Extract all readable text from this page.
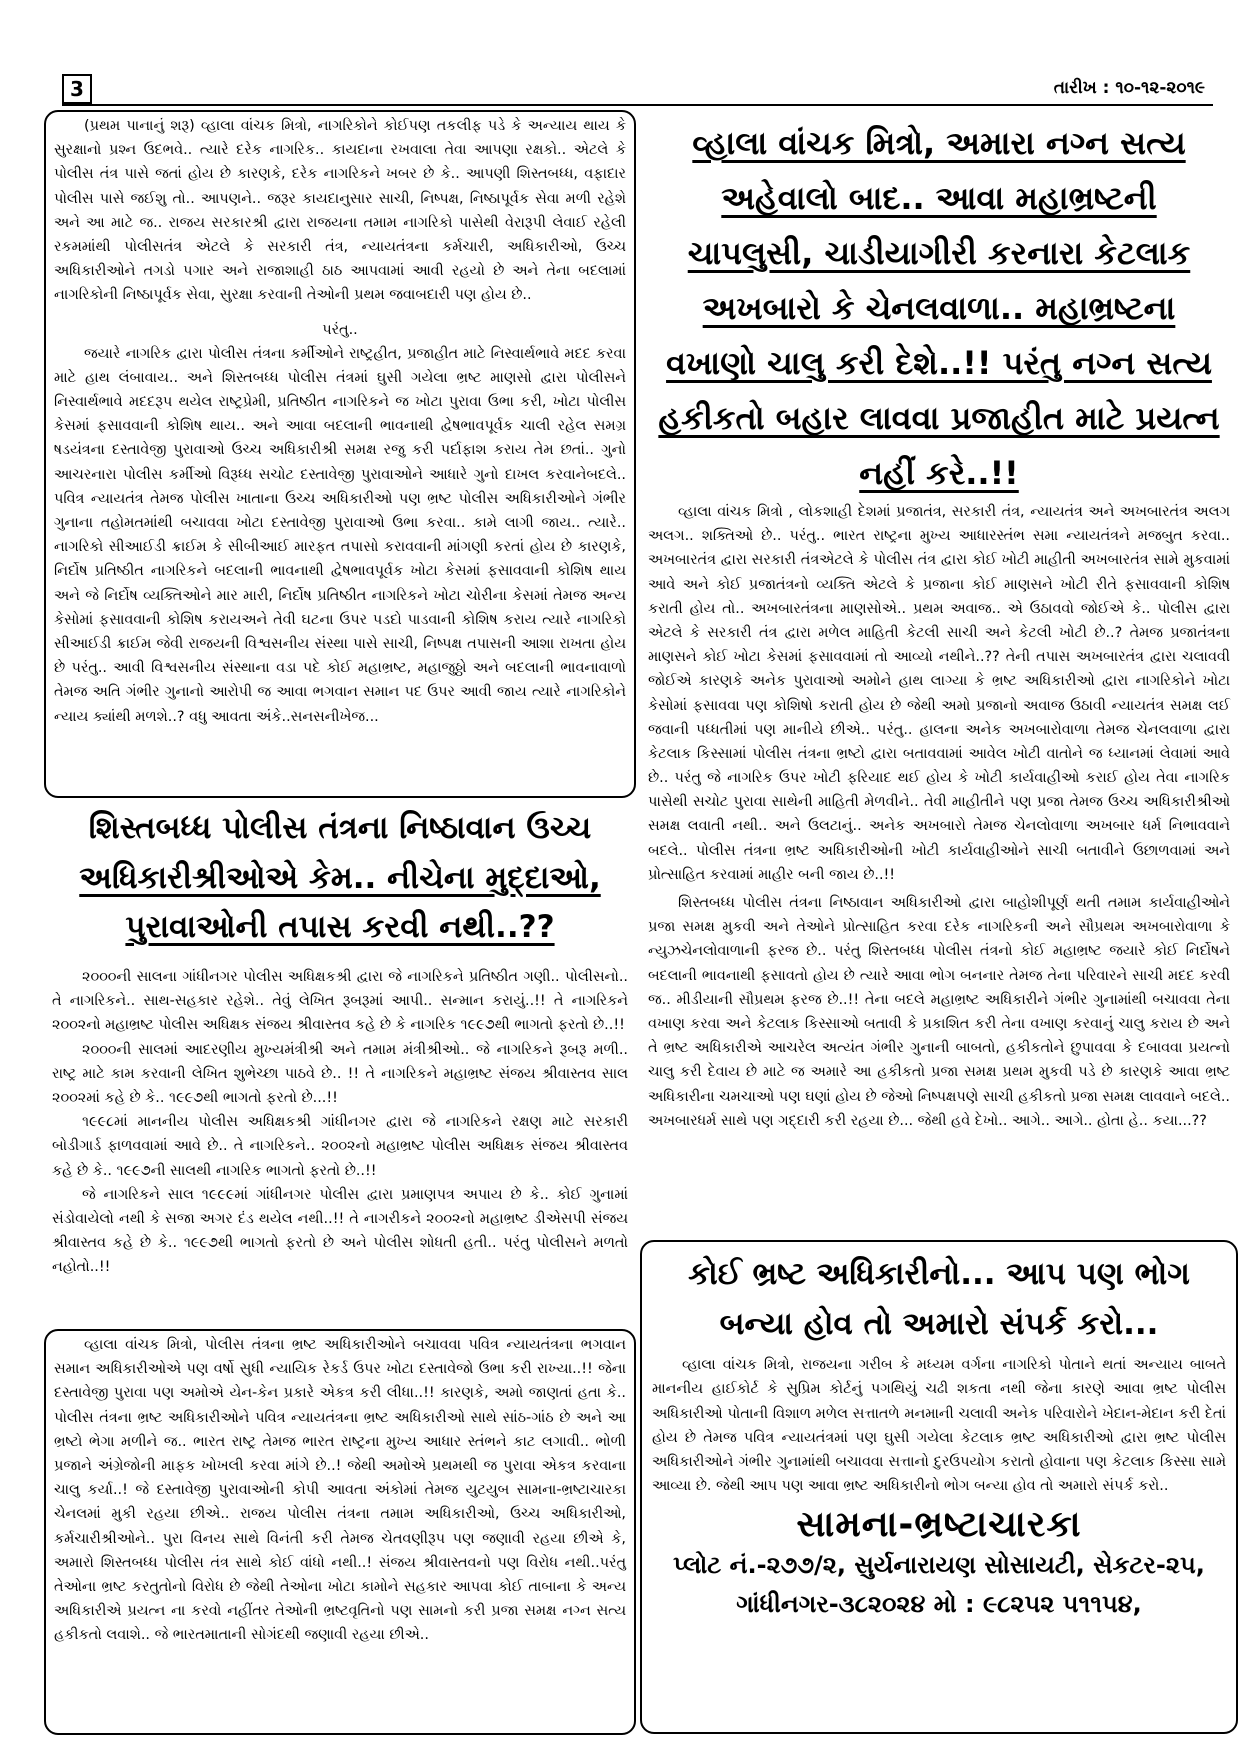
3	તારીખ : ૧૦-૧૨-૨૦૧૯

(પ્રથમ પાનાનું શરૂ) વ્હાલા વાંચક મિત્રો, નાગરિકોને કોઈપણ તકલીફ પડે કે અન્યાય થાય કે સુરક્ષાનો પ્રશ્ન ઉદભવે.. ત્યારે દરેક નાગરિક.. કાયદાના રખવાલા તેવા આપણા રક્ષકો.. એટલે કે પોલીસ તંત્ર પાસે જતાં હોય છે કારણકે, દરેક નાગરિકને ખબર છે કે.. આપણી શિસ્તબધ્ધ, વફાદાર પોલીસ પાસે જઈશુ તો.. આપણને.. જરૂર કાયદાનુસાર સાચી, નિષ્પક્ષ, નિષ્ઠાપૂર્વક સેવા મળી રહેશે અને આ માટે જ.. રાજય સરકારશ્રી દ્વારા રાજયના તમામ નાગરિકો પાસેથી વેરારૂપી લેવાઈ રહેલી રકમમાંથી પોલીસતંત્ર એટલે કે સરકારી તંત્ર, ન્યાયતંત્રના કર્મચારી, અધિકારીઓ, ઉચ્ચ અધિકારીઓને તગડો પગાર અને રાજાશાહી ઠાઠ આપવામાં આવી રહયો છે અને તેના બદલામાં નાગરિકોની નિષ્ઠાપૂર્વક સેવા, સુરક્ષા કરવાની તેઓની પ્રથમ જવાબદારી પણ હોય છે..

પરંતુ..

જયારે નાગરિક દ્વારા પોલીસ તંત્રના કર્મીઓને રાષ્ટ્રહીત, પ્રજાહીત માટે નિસ્વાર્થભાવે મદદ કરવા માટે હાથ લંબાવાય.. અને શિસ્તબધ્ધ પોલીસ તંત્રમાં ઘુસી ગયેલા ભ્રષ્ટ માણસો દ્વારા પોલીસને નિસ્વાર્થભાવે મદદરૂપ થયેલ રાષ્ટ્રપ્રેમી, પ્રતિષ્ઠીત નાગરિકને જ ખોટા પુરાવા ઉભા કરી, ખોટા પોલીસ કેસમાં ફસાવવાની કોશિષ થાય.. અને આવા બદલાની ભાવનાથી દ્વેષભાવપૂર્વક ચાલી રહેલ સમગ્ર ષડયંત્રના દસ્તાવેજી પુરાવાઓ ઉચ્ચ અધિકારીશ્રી સમક્ષ રજુ કરી પર્દાફાશ કરાય તેમ છતાં.. ગુનો આચરનારા પોલીસ કર્મીઓ વિરૂધ્ધ સચોટ દસ્તાવેજી પુરાવાઓને આધારે ગુનો દાખલ કરવાનેબદલે.. પવિત્ર ન્યાયતંત્ર તેમજ પોલીસ ખાતાના ઉચ્ચ અધિકારીઓ પણ ભ્રષ્ટ પોલીસ અધિકારીઓને ગંભીર ગુનાના તહોમતમાંથી બચાવવા ખોટા દસ્તાવેજી પુરાવાઓ ઉભા કરવા.. કામે લાગી જાય.. ત્યારે.. નાગરિકો સીઆઈડી ક્રાઈમ કે સીબીઆઈ મારફત તપાસો કરાવવાની માંગણી કરતાં હોય છે કારણકે, નિર્દોષ પ્રતિષ્ઠીત નાગરિકને બદલાની ભાવનાથી દ્વેષભાવપૂર્વક ખોટા કેસમાં ફસાવવાની કોશિષ થાય અને જે નિર્દોષ વ્યક્તિઓને માર મારી, નિર્દોષ પ્રતિષ્ઠીત નાગરિકને ખોટા ચોરીના કેસમાં તેમજ અન્ય કેસોમાં ફસાવવાની કોશિષ કરાયઅને તેવી ઘટના ઉપર પડદો પાડવાની કોશિષ કરાય ત્યારે નાગરિકો સીઆઈડી ક્રાઈમ જેવી રાજયની વિશ્વસનીય સંસ્થા પાસે સાચી, નિષ્પક્ષ તપાસની આશા રાખતા હોય છે પરંતુ.. આવી વિશ્વસનીય સંસ્થાના વડા પદે કોઈ મહાભ્રષ્ટ, મહાજુઠ્ઠો અને બદલાની ભાવનાવાળો તેમજ અતિ ગંભીર ગુનાનો આરોપી જ આવા ભગવાન સમાન પદ ઉપર આવી જાય ત્યારે નાગરિકોને ન્યાય ક્યાંથી મળશે..? વધુ આવતા અંકે..સનસનીખેજ...

શિસ્તબધ્ધ પોલીસ તંત્રના નિષ્ઠાવાન ઉચ્ચ
અધિકારીશ્રીઓએ કેમ.. નીચેના મુદ્દાઓ,
પુરાવાઓની તપાસ કરવી નથી..??

૨૦૦૦ની સાલના ગાંધીનગર પોલીસ અધિક્ષકશ્રી દ્વારા જે નાગરિકને પ્રતિષ્ઠીત ગણી.. પોલીસનો.. તે નાગરિકને.. સાથ-સહકાર રહેશે.. તેવું લેખિત રૂબરૂમાં આપી.. સન્માન કરાયું..!! તે નાગરિકને ૨૦૦૨નો મહાભ્રષ્ટ પોલીસ અધિક્ષક સંજય શ્રીવાસ્તવ કહે છે કે નાગરિક ૧૯૯૭થી ભાગતો ફરતો છે..!!

૨૦૦૦ની સાલમાં આદરણીય મુખ્યમંત્રીશ્રી અને તમામ મંત્રીશ્રીઓ.. જે નાગરિકને રૂબરૂ મળી.. રાષ્ટ્ર માટે કામ કરવાની લેખિત શુભેચ્છા પાઠવે છે.. !! તે નાગરિકને મહાભ્રષ્ટ સંજય શ્રીવાસ્તવ સાલ ૨૦૦૨માં કહે છે કે.. ૧૯૯૭થી ભાગતો ફરતો છે...!!

૧૯૯૮માં માનનીય પોલીસ અધિક્ષકશ્રી ગાંધીનગર દ્વારા જે નાગરિકને રક્ષણ માટે સરકારી બોડીગાર્ડ ફાળવવામાં આવે છે.. તે નાગરિકને.. ૨૦૦૨નો મહાભ્રષ્ટ પોલીસ અધિક્ષક સંજય શ્રીવાસ્તવ કહે છે કે.. ૧૯૯૭ની સાલથી નાગરિક ભાગતો ફરતો છે..!!

જે નાગરિકને સાલ ૧૯૯૯માં ગાંધીનગર પોલીસ દ્વારા પ્રમાણપત્ર અપાય છે કે.. કોઈ ગુનામાં સંડોવાયેલો નથી કે સજા અગર દંડ થયેલ નથી..!! તે નાગરીકને ૨૦૦૨નો મહાભ્રષ્ટ ડીએસપી સંજય શ્રીવાસ્તવ કહે છે કે.. ૧૯૯૭થી ભાગતો ફરતો છે અને પોલીસ શોધતી હતી.. પરંતુ પોલીસને મળતો નહોતો..!!

વ્હાલા વાંચક મિત્રો, પોલીસ તંત્રના ભ્રષ્ટ અધિકારીઓને બચાવવા પવિત્ર ન્યાયતંત્રના ભગવાન સમાન અધિકારીઓએ પણ વર્ષો સુધી ન્યાયિક રેકર્ડ ઉપર ખોટા દસ્તાવેજો ઉભા કરી રાખ્યા..!! જેના દસ્તાવેજી પુરાવા પણ અમોએ યેન-કેન પ્રકારે એકત્ર કરી લીધા..!! કારણકે, અમો જાણતાં હતા કે.. પોલીસ તંત્રના ભ્રષ્ટ અધિકારીઓને પવિત્ર ન્યાયતંત્રના ભ્રષ્ટ અધિકારીઓ સાથે સાંઠ-ગાંઠ છે અને આ ભ્રષ્ટો ભેગા મળીને જ.. ભારત રાષ્ટ્ર તેમજ ભારત રાષ્ટ્રના મુખ્ય આધાર સ્તંભને કાટ લગાવી.. ભોળી પ્રજાને અંગ્રેજોની માફક ખોખલી કરવા માંગે છે..! જેથી અમોએ પ્રથમથી જ પુરાવા એકત્ર કરવાના ચાલુ કર્યા..! જે દસ્તાવેજી પુરાવાઓની કોપી આવતા અંકોમાં તેમજ યુટયુબ સામના-ભ્રષ્ટાચારકા ચેનલમાં મુકી રહયા છીએ.. રાજય પોલીસ તંત્રના તમામ અધિકારીઓ, ઉચ્ચ અધિકારીઓ, કર્મચારીશ્રીઓને.. પુરા વિનય સાથે વિનંતી કરી તેમજ ચેતવણીરૂપ પણ જણાવી રહયા છીએ કે, અમારો શિસ્તબધ્ધ પોલીસ તંત્ર સાથે કોઈ વાંધો નથી..! સંજય શ્રીવાસ્તવનો પણ વિરોધ નથી..પરંતુ તેઓના ભ્રષ્ટ કરતુતોનો વિરોધ છે જેથી તેઓના ખોટા કામોને સહકાર આપવા કોઈ તાબાના કે અન્ય અધિકારીએ પ્રયત્ન ના કરવો નહીંતર તેઓની ભ્રષ્ટવૃતિનો પણ સામનો કરી પ્રજા સમક્ષ નગ્ન સત્ય હકીકતો લવાશે.. જે ભારતમાતાની સોગંદથી જણાવી રહયા છીએ..

વ્હાલા વાંચક મિત્રો, અમારા નગ્ન સત્ય
અહેવાલો બાદ.. આવા મહાભ્રષ્ટની
ચાપલુસી, ચાડીયાગીરી કરનારા કેટલાક
અખબારો કે ચેનલવાળા.. મહાભ્રષ્ટના
વખાણો ચાલુ કરી દેશે..!! પરંતુ નગ્ન સત્ય
હકીકતો બહાર લાવવા પ્રજાહીત માટે પ્રયત્ન
નહીં કરે..!!

વ્હાલા વાંચક મિત્રો , લોકશાહી દેશમાં પ્રજાતંત્ર, સરકારી તંત્ર, ન્યાયતંત્ર અને અખબારતંત્ર અલગ અલગ.. શક્તિઓ છે.. પરંતુ.. ભારત રાષ્ટ્રના મુખ્ય આધારસ્તંભ સમા ન્યાયતંત્રને મજબુત કરવા.. અખબારતંત્ર દ્વારા સરકારી તંત્રએટલે કે પોલીસ તંત્ર દ્વારા કોઈ ખોટી માહીતી અખબારતંત્ર સામે મુકવામાં આવે અને કોઈ પ્રજાતંત્રનો વ્યક્તિ એટલે કે પ્રજાના કોઈ માણસને ખોટી રીતે ફસાવવાની કોશિષ કરાતી હોય તો.. અખબારતંત્રના માણસોએ.. પ્રથમ અવાજ.. એ ઉઠાવવો જોઈએ કે.. પોલીસ દ્વારા એટલે કે સરકારી તંત્ર દ્વારા મળેલ માહિતી કેટલી સાચી અને કેટલી ખોટી છે..? તેમજ પ્રજાતંત્રના માણસને કોઈ ખોટા કેસમાં ફસાવવામાં તો આવ્યો નથીને..?? તેની તપાસ અખબારતંત્ર દ્વારા ચલાવવી જોઈએ કારણકે અનેક પુરાવાઓ અમોને હાથ લાગ્યા કે ભ્રષ્ટ અધિકારીઓ દ્વારા નાગરિકોને ખોટા કેસોમાં ફસાવવા પણ કોશિષો કરાતી હોય છે જેથી અમો પ્રજાનો અવાજ ઉઠાવી ન્યાયતંત્ર સમક્ષ લઈ જવાની પધ્ધતીમાં પણ માનીયે છીએ.. પરંતુ.. હાલના અનેક અખબારોવાળા તેમજ ચેનલવાળા દ્વારા કેટલાક કિસ્સામાં પોલીસ તંત્રના ભ્રષ્ટો દ્વારા બતાવવામાં આવેલ ખોટી વાતોને જ ધ્યાનમાં લેવામાં આવે છે.. પરંતુ જે નાગરિક ઉપર ખોટી ફરિયાદ થઈ હોય કે ખોટી કાર્યવાહીઓ કરાઈ હોય તેવા નાગરિક પાસેથી સચોટ પુરાવા સાથેની માહિતી મેળવીને.. તેવી માહીતીને પણ પ્રજા તેમજ ઉચ્ચ અધિકારીશ્રીઓ સમક્ષ લવાતી નથી.. અને ઉલટાનું.. અનેક અખબારો તેમજ ચેનલોવાળા અખબાર ધર્મ નિભાવવાને બદલે.. પોલીસ તંત્રના ભ્રષ્ટ અધિકારીઓની ખોટી કાર્યવાહીઓને સાચી બતાવીને ઉછાળવામાં અને પ્રોત્સાહિત કરવામાં માહીર બની જાય છે..!!

શિસ્તબધ્ધ પોલીસ તંત્રના નિષ્ઠાવાન અધિકારીઓ દ્વારા બાહોશીપૂર્ણ થતી તમામ કાર્યવાહીઓને પ્રજા સમક્ષ મુકવી અને તેઓને પ્રોત્સાહિત કરવા દરેક નાગરિકની અને સૌપ્રથમ અખબારોવાળા કે ન્યુઝચેનલોવાળાની ફરજ છે.. પરંતુ શિસ્તબધ્ધ પોલીસ તંત્રનો કોઈ મહાભ્રષ્ટ જયારે કોઈ નિર્દોષને બદલાની ભાવનાથી ફસાવતો હોય છે ત્યારે આવા ભોગ બનનાર તેમજ તેના પરિવારને સાચી મદદ કરવી જ.. મીડીયાની સૌપ્રથમ ફરજ છે..!! તેના બદલે મહાભ્રષ્ટ અધિકારીને ગંભીર ગુનામાંથી બચાવવા તેના વખાણ કરવા અને કેટલાક કિસ્સાઓ બતાવી કે પ્રકાશિત કરી તેના વખાણ કરવાનું ચાલુ કરાય છે અને તે ભ્રષ્ટ અધિકારીએ આચરેલ અત્યંત ગંભીર ગુનાની બાબતો, હકીકતોને છુપાવવા કે દબાવવા પ્રયત્નો ચાલુ કરી દેવાય છે માટે જ અમારે આ હકીકતો પ્રજા સમક્ષ પ્રથમ મુકવી પડે છે કારણકે આવા ભ્રષ્ટ અધિકારીના ચમચાઓ પણ ઘણાં હોય છે જેઓ નિષ્પક્ષપણે સાચી હકીકતો પ્રજા સમક્ષ લાવવાને બદલે.. અખબારધર્મ સાથે પણ ગદ્દારી કરી રહયા છે... જેથી હવે દેખો.. આગે.. આગે.. હોતા હે.. કયા...??

કોઈ ભ્રષ્ટ અધિકારીનો... આપ પણ ભોગ
બન્યા હોવ તો અમારો સંપર્ક કરો...

વ્હાલા વાંચક મિત્રો, રાજયના ગરીબ કે મધ્યમ વર્ગના નાગરિકો પોતાને થતાં અન્યાય બાબતે માનનીય હાઈકોર્ટ કે સુપ્રિમ કોર્ટનું પગથિયું ચઢી શકતા નથી જેના કારણે આવા ભ્રષ્ટ પોલીસ અધિકારીઓ પોતાની વિશાળ મળેલ સત્તાતળે મનમાની ચલાવી અનેક પરિવારોને ખેદાન-મેદાન કરી દેતાં હોય છે તેમજ પવિત્ર ન્યાયતંત્રમાં પણ ઘુસી ગયેલા કેટલાક ભ્રષ્ટ અધિકારીઓ દ્વારા ભ્રષ્ટ પોલીસ અધિકારીઓને ગંભીર ગુનામાંથી બચાવવા સત્તાનો દુરઉપયોગ કરાતો હોવાના પણ કેટલાક કિસ્સા સામે આવ્યા છે. જેથી આપ પણ આવા ભ્રષ્ટ અધિકારીનો ભોગ બન્યા હોવ તો અમારો સંપર્ક કરો..

સામના-ભ્રષ્ટાચારકા
પ્લોટ નં.-૨૭૭/૨, સુર્યનારાયણ સોસાયટી, સેકટર-૨૫,
ગાંધીનગર-૩૮૨૦૨૪ મો : ૯૮૨૫૨ ૫૧૧૫૪,
